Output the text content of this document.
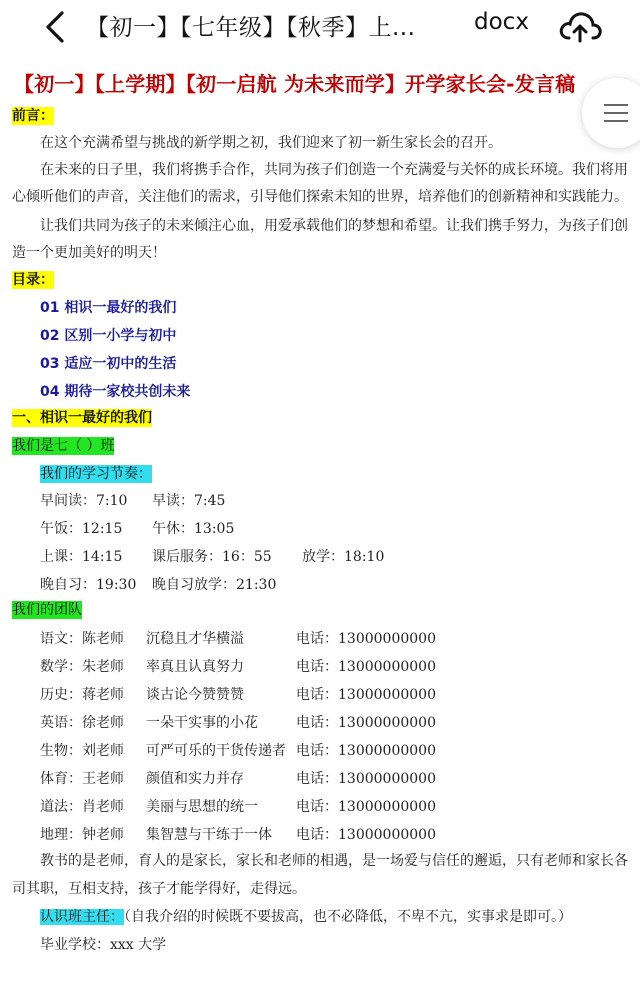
【初一】【七年级】【秋季】上...	docx
【初一】【上学期】【初一启航 为未来而学】开学家长会-发言稿
前言：
在这个充满希望与挑战的新学期之初，我们迎来了初一新生家长会的召开。
在未来的日子里，我们将携手合作，共同为孩子们创造一个充满爱与关怀的成长环境。我们将用
心倾听他们的声音，关注他们的需求，引导他们探索未知的世界，培养他们的创新精神和实践能力。
让我们共同为孩子的未来倾注心血，用爱承载他们的梦想和希望。让我们携手努力，为孩子们创
造一个更加美好的明天！
目录：
01 相识一最好的我们
02 区别一小学与初中
03 适应一初中的生活
04 期待一家校共创未来
一、相识一最好的我们
我们是七（ ）班
我们的学习节奏：
早间读：7:10 早读：7:45
午饭：12:15 午休：13:05
上课：14:15 课后服务：16：55 放学：18:10
晚自习：19:30 晚自习放学：21:30
我们的团队
语文：陈老师 沉稳且才华横溢	电话：13000000000
数学：朱老师 率真且认真努力	电话：13000000000
历史：蒋老师 谈古论今赞赞赞	电话：13000000000
英语：徐老师 一朵干实事的小花	电话：13000000000
生物：刘老师 可严可乐的干货传递者 电话：13000000000
体育：王老师 颜值和实力并存	电话：13000000000
道法：肖老师 美丽与思想的统一	电话：13000000000
地理：钟老师 集智慧与干练于一体 电话：13000000000
教书的是老师，育人的是家长，家长和老师的相遇，是一场爱与信任的邂逅，只有老师和家长各
司其职，互相支持，孩子才能学得好，走得远。
认识班主任：（自我介绍的时候既不要拔高，也不必降低，不卑不亢，实事求是即可。）
毕业学校：xxx 大学
